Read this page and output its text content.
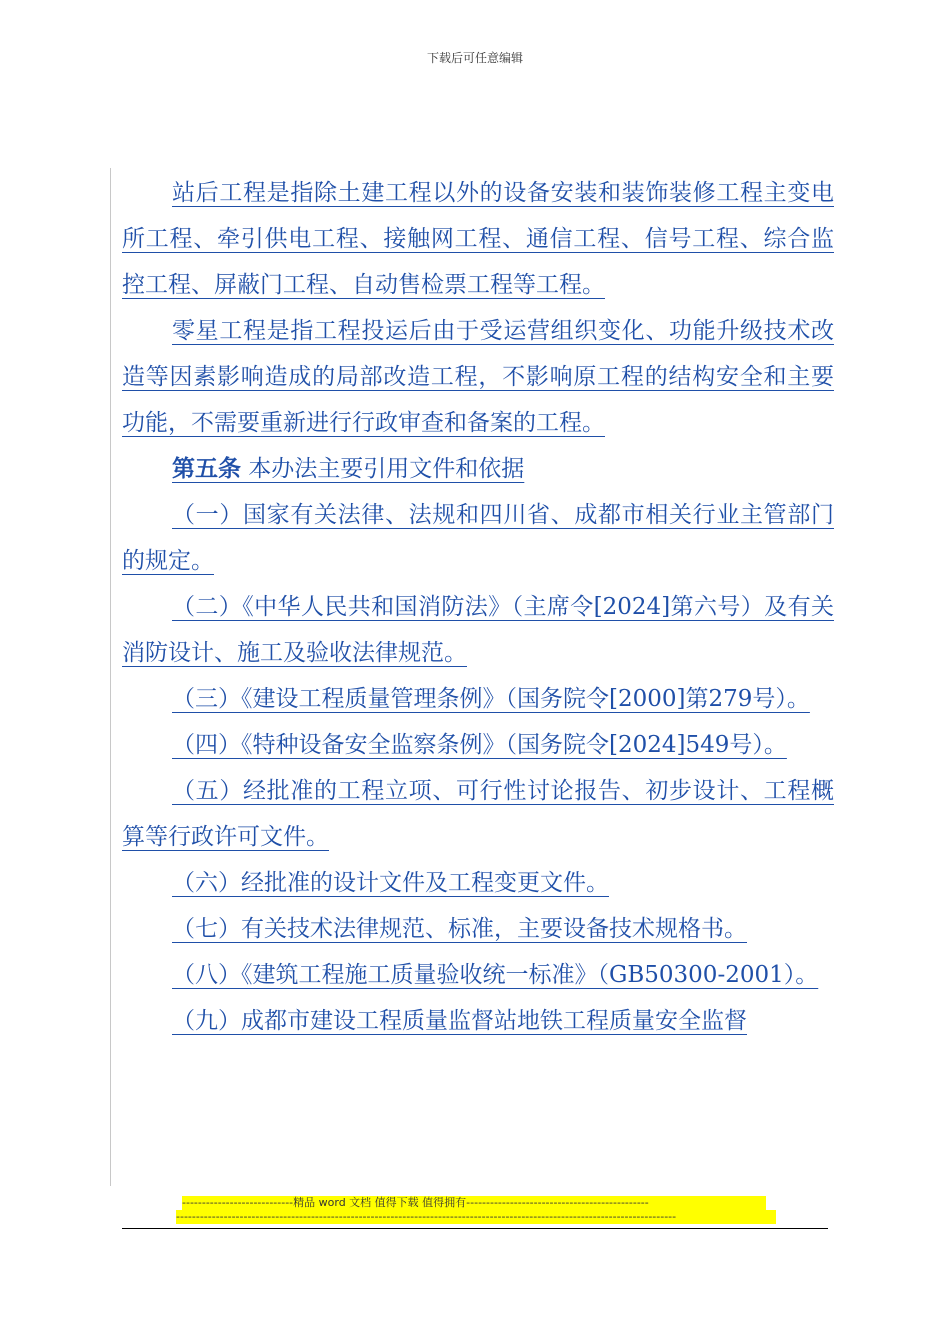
下载后可任意编辑

站后工程是指除土建工程以外的设备安装和装饰装修工程主变电所工程、牵引供电工程、接触网工程、通信工程、信号工程、综合监控工程、屏蔽门工程、自动售检票工程等工程。

零星工程是指工程投运后由于受运营组织变化、功能升级技术改造等因素影响造成的局部改造工程，不影响原工程的结构安全和主要功能，不需要重新进行行政审查和备案的工程。

第五条 本办法主要引用文件和依据

（一）国家有关法律、法规和四川省、成都市相关行业主管部门的规定。

（二）《中华人民共和国消防法》（主席令[2024]第六号）及有关消防设计、施工及验收法律规范。

（三）《建设工程质量管理条例》（国务院令[2000]第279号）。

（四）《特种设备安全监察条例》（国务院令[2024]549号）。

（五）经批准的工程立项、可行性讨论报告、初步设计、工程概算等行政许可文件。

（六）经批准的设计文件及工程变更文件。

（七）有关技术法律规范、标准，主要设备技术规格书。

（八）《建筑工程施工质量验收统一标准》（GB50300-2001）。

（九）成都市建设工程质量监督站地铁工程质量安全监督

----------------------------精品 word 文档 值得下载 值得拥有----------------------------------------------
------------------------------------------------------------------------------------------------------------------------------
